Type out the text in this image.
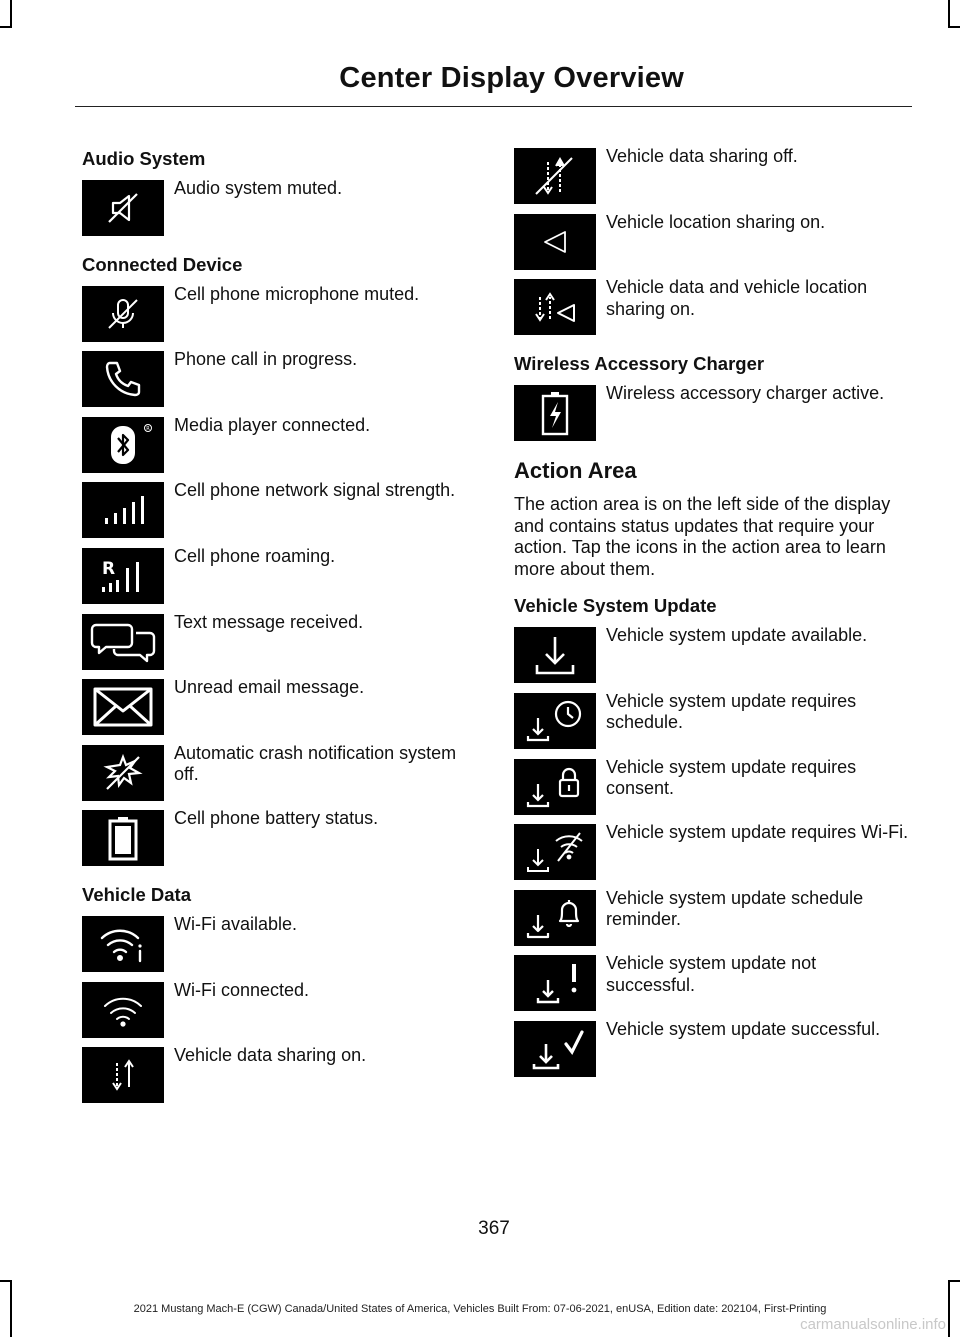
Center Display Overview
Audio System

Audio system muted.

Connected Device

Cell phone microphone muted.

Phone call in progress.

R Media player connected.

Cell phone network signal strength.

R

Cell phone roaming.

Text message received.

Unread email message.

Automatic crash notification system off.

Cell phone battery status.

Vehicle Data

Wi-Fi available.

Wi-Fi connected.

Vehicle data sharing on.

Vehicle data sharing off.

Vehicle location sharing on.

Vehicle data and vehicle location sharing on.

Wireless Accessory Charger

Wireless accessory charger active.

Action Area

The action area is on the left side of the display and contains status updates that require your action. Tap the icons in the action area to learn more about them.

Vehicle System Update

Vehicle system update available.

Vehicle system update requires schedule.

Vehicle system update requires consent.

Vehicle system update requires Wi-Fi.

Vehicle system update schedule reminder.

Vehicle system update not successful.

Vehicle system update successful.

367
2021 Mustang Mach-E (CGW) Canada/United States of America, Vehicles Built From: 07-06-2021, enUSA, Edition date: 202104, First-Printing
carmanualsonline.info
